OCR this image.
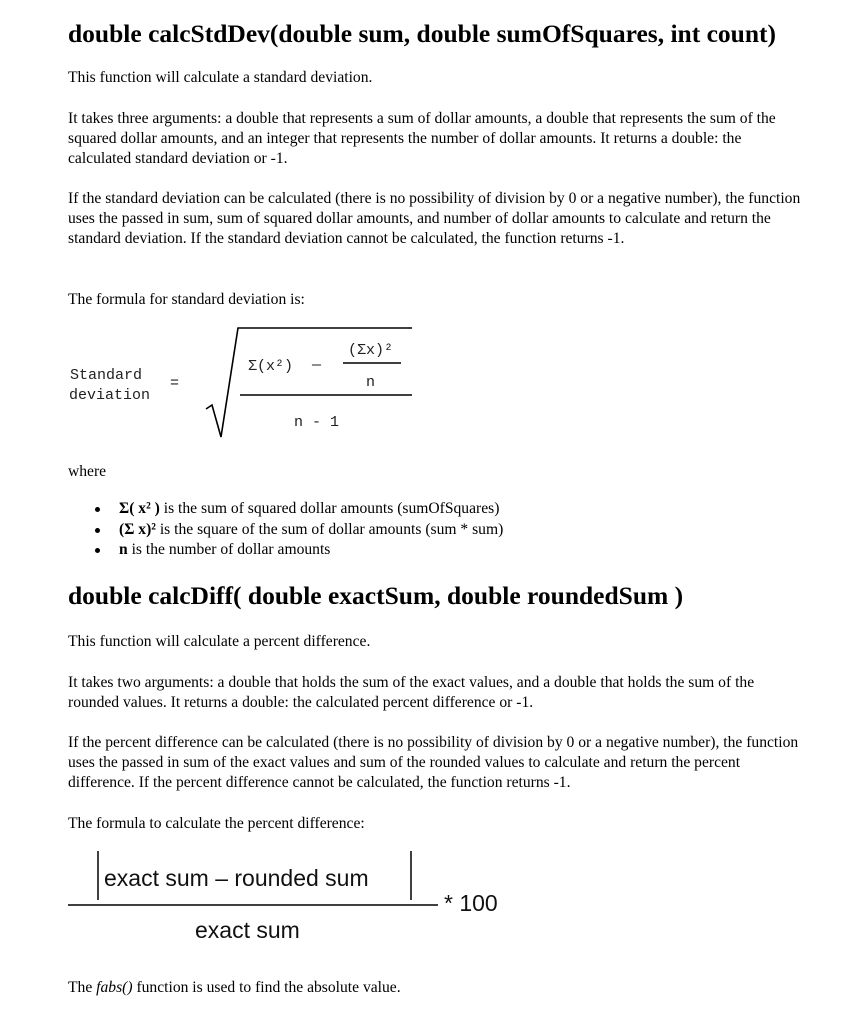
double calcStdDev(double sum, double sumOfSquares, int count)

This function will calculate a standard deviation.

It takes three arguments: a double that represents a sum of dollar amounts, a double that represents the sum of the squared dollar amounts, and an integer that represents the number of dollar amounts. It returns a double: the calculated standard deviation or -1.

If the standard deviation can be calculated (there is no possibility of division by 0 or a negative number), the function uses the passed in sum, sum of squared dollar amounts, and number of dollar amounts to calculate and return the standard deviation. If the standard deviation cannot be calculated, the function returns -1.

The formula for standard deviation is:

Standard
deviation
=
Σ(x²) —
(Σx)²
n
n - 1

where

Σ( x² ) is the sum of squared dollar amounts (sumOfSquares)
(Σ x)² is the square of the sum of dollar amounts (sum * sum)
n is the number of dollar amounts
double calcDiff( double exactSum, double roundedSum )

This function will calculate a percent difference.

It takes two arguments: a double that holds the sum of the exact values, and a double that holds the sum of the rounded values. It returns a double: the calculated percent difference or -1.

If the percent difference can be calculated (there is no possibility of division by 0 or a negative number), the function uses the passed in sum of the exact values and sum of the rounded values to calculate and return the percent difference. If the percent difference cannot be calculated, the function returns -1.

The formula to calculate the percent difference:

exact sum – rounded sum
exact sum
* 100

The fabs() function is used to find the absolute value.
